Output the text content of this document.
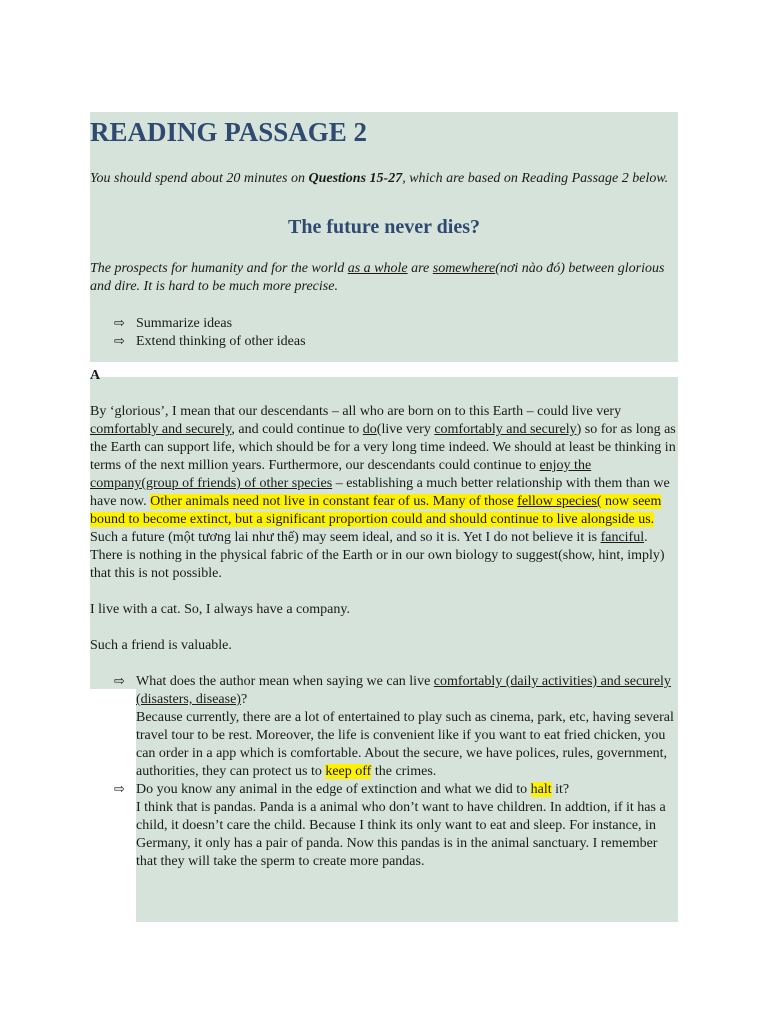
READING PASSAGE 2

You should spend about 20 minutes on Questions 15-27, which are based on Reading Passage 2 below.

The future never dies?

The prospects for humanity and for the world as a whole are somewhere(nơi nào đó) between glorious and dire. It is hard to be much more precise.

⇨ Summarize ideas
⇨ Extend thinking of other ideas

A

By ‘glorious’, I mean that our descendants – all who are born on to this Earth – could live very comfortably and securely, and could continue to do(live very comfortably and securely) so for as long as the Earth can support life, which should be for a very long time indeed. We should at least be thinking in terms of the next million years. Furthermore, our descendants could continue to enjoy the company(group of friends) of other species – establishing a much better relationship with them than we have now. Other animals need not live in constant fear of us. Many of those fellow species( now seem bound to become extinct, but a significant proportion could and should continue to live alongside us. Such a future (một tương lai như thế) may seem ideal, and so it is. Yet I do not believe it is fanciful. There is nothing in the physical fabric of the Earth or in our own biology to suggest(show, hint, imply) that this is not possible.

I live with a cat. So, I always have a company.

Such a friend is valuable.

⇨ What does the author mean when saying we can live comfortably (daily activities) and securely (disasters, disease)?
Because currently, there are a lot of entertained to play such as cinema, park, etc, having several travel tour to be rest. Moreover, the life is convenient like if you want to eat fried chicken, you can order in a app which is comfortable. About the secure, we have polices, rules, government, authorities, they can protect us to keep off the crimes.
⇨ Do you know any animal in the edge of extinction and what we did to halt it?
I think that is pandas. Panda is a animal who don’t want to have children. In addtion, if it has a child, it doesn’t care the child. Because I think its only want to eat and sleep. For instance, in Germany, it only has a pair of panda. Now this pandas is in the animal sanctuary. I remember that they will take the sperm to create more pandas.
